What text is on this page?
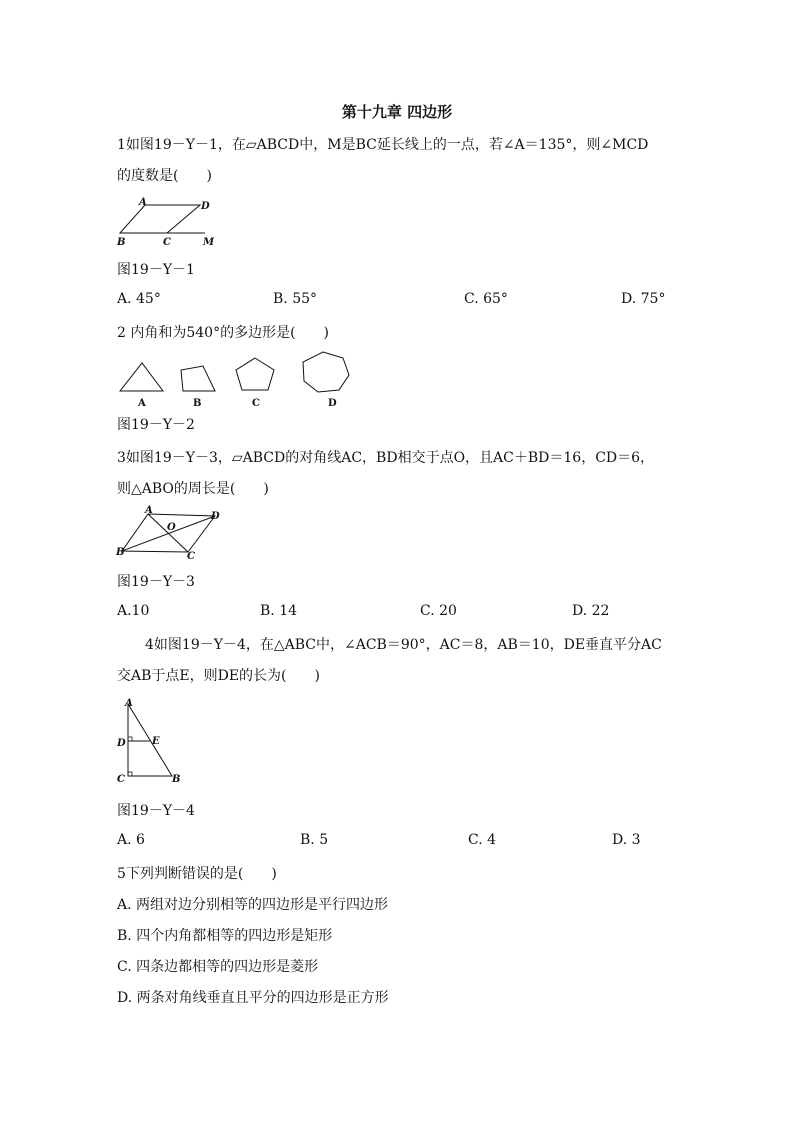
第十九章 四边形
1如图19－Y－1，在▱ABCD中，M是BC延长线上的一点，若∠A＝135°，则∠MCD
的度数是(　　)
A	D
B	C	M
图19－Y－1
A. 45°	B. 55°	C. 65°	D. 75°
2 内角和为540°的多边形是(　　)
A	B	C	D
图19－Y－2
3如图19－Y－3，▱ABCD的对角线AC，BD相交于点O，且AC＋BD＝16，CD＝6，
则△ABO的周长是(　　)
A
D
O
B	C
图19－Y－3
A.10	B. 14	C. 20	D. 22
4如图19－Y－4，在△ABC中，∠ACB＝90°，AC＝8，AB＝10，DE垂直平分AC
交AB于点E，则DE的长为(　　)
A
D	E
C	B
图19－Y－4
A. 6	B. 5	C. 4	D. 3
5下列判断错误的是(　　)
A. 两组对边分别相等的四边形是平行四边形
B. 四个内角都相等的四边形是矩形
C. 四条边都相等的四边形是菱形
D. 两条对角线垂直且平分的四边形是正方形
